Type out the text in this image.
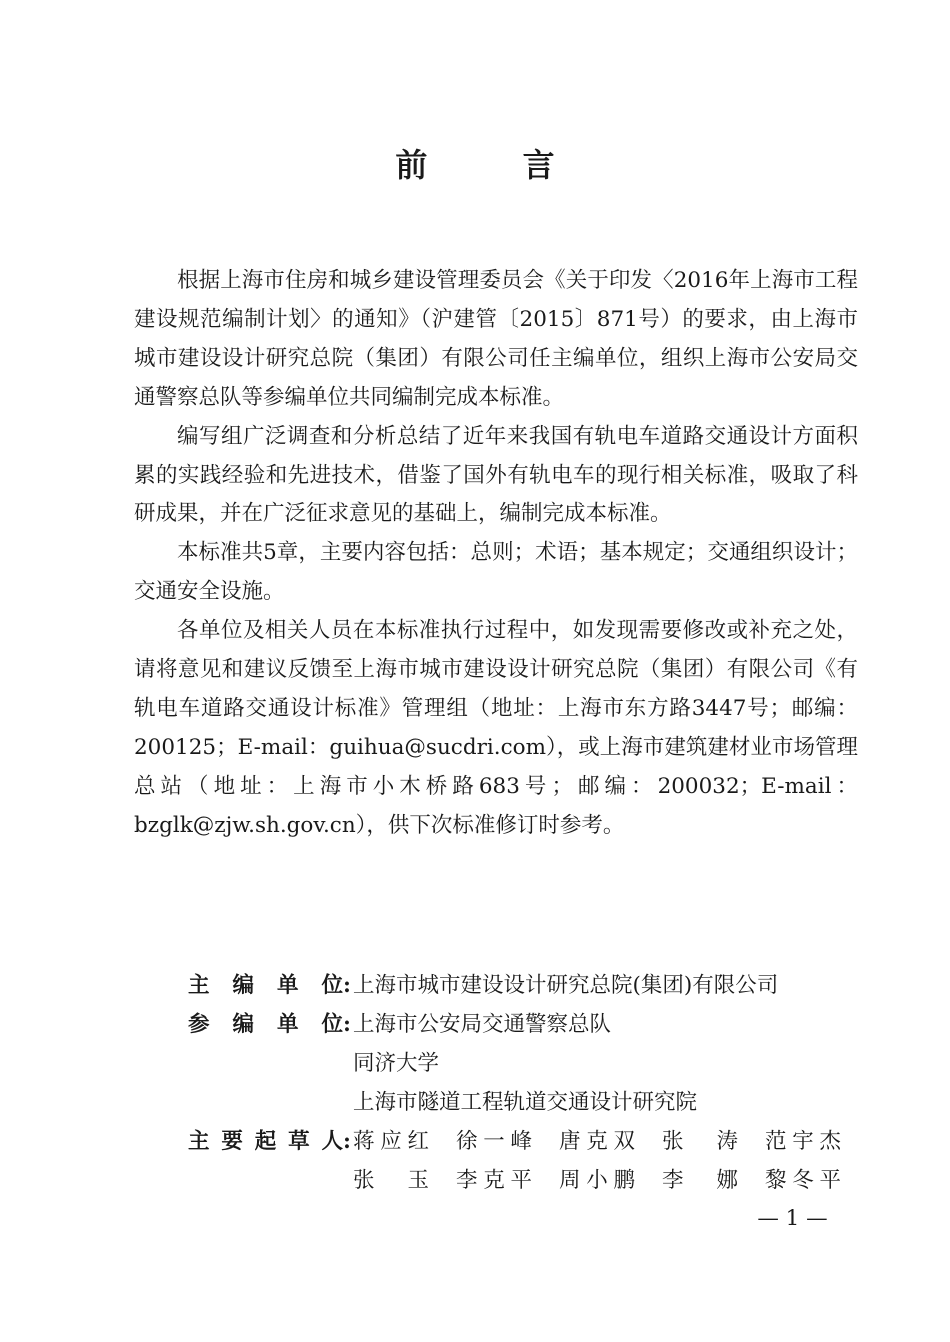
前 言

根据上海市住房和城乡建设管理委员会《关于印发〈2016年上海市工程建设规范编制计划〉的通知》（沪建管〔2015〕871号）的要求，由上海市城市建设设计研究总院（集团）有限公司任主编单位，组织上海市公安局交通警察总队等参编单位共同编制完成本标准。

编写组广泛调查和分析总结了近年来我国有轨电车道路交通设计方面积累的实践经验和先进技术，借鉴了国外有轨电车的现行相关标准，吸取了科研成果，并在广泛征求意见的基础上，编制完成本标准。

本标准共5章，主要内容包括：总则；术语；基本规定；交通组织设计；交通安全设施。

各单位及相关人员在本标准执行过程中，如发现需要修改或补充之处，请将意见和建议反馈至上海市城市建设设计研究总院（集团）有限公司《有轨电车道路交通设计标准》管理组（地址：上海市东方路3447号；邮编：200125；E-mail：guihua@sucdri.com），或上海市建筑建材业市场管理总站（地址：上海市小木桥路683号；邮编：200032；E-mail：bzglk@zjw.sh.gov.cn），供下次标准修订时参考。

主编单位 : 上海市城市建设设计研究总院(集团)有限公司
参编单位 : 上海市公安局交通警察总队
同济大学
上海市隧道工程轨道交通设计研究院
主要起草人 : 蒋应红 徐一峰 唐克双 张 涛 范宇杰
张 玉 李克平 周小鹏 李 娜 黎冬平
— 1 —
